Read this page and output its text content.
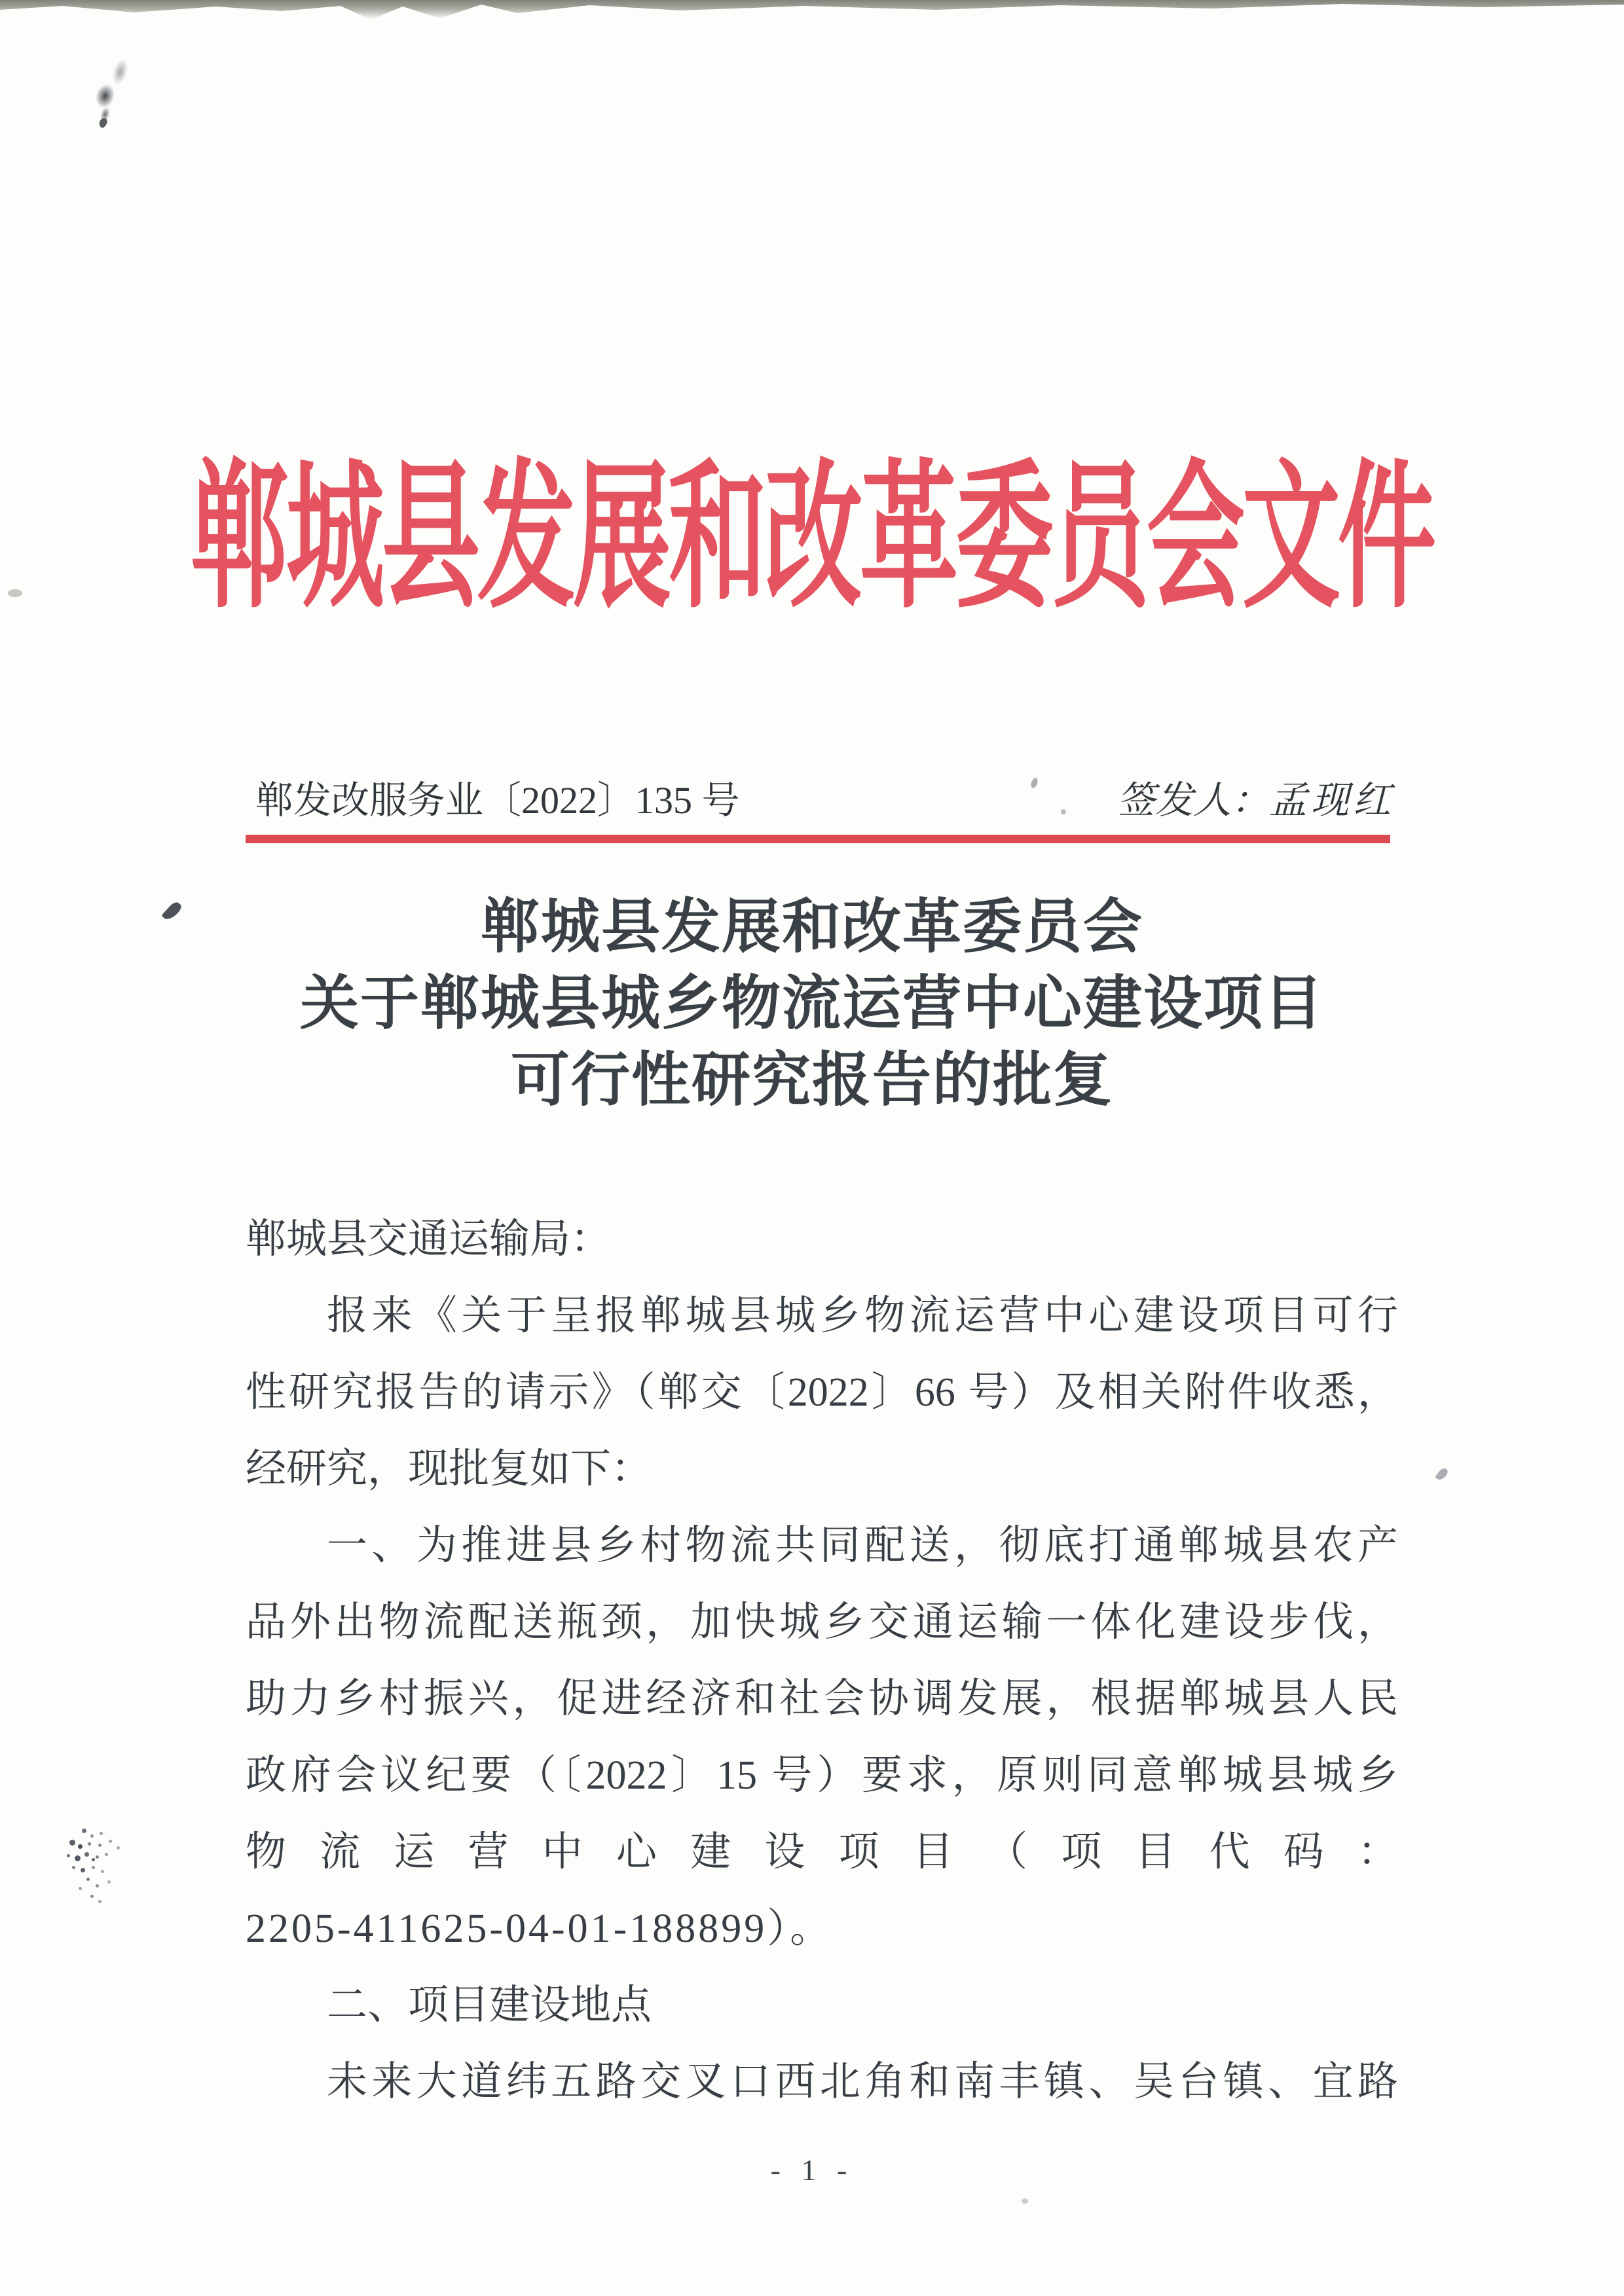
郸城县发展和改革委员会文件
郸发改服务业〔2022〕135 号	签发人：孟现红
郸城县发展和改革委员会
关于郸城县城乡物流运营中心建设项目
可行性研究报告的批复
郸城县交通运输局：
报来《关于呈报郸城县城乡物流运营中心建设项目可行
性研究报告的请示》（郸交〔2022〕66 号）及相关附件收悉，
经研究，现批复如下：
一、为推进县乡村物流共同配送，彻底打通郸城县农产
品外出物流配送瓶颈，加快城乡交通运输一体化建设步伐，
助力乡村振兴，促进经济和社会协调发展，根据郸城县人民
政府会议纪要（〔2022〕15 号）要求，原则同意郸城县城乡
物流运营中心建设项目（项目代码：
2205-411625-04-01-188899）。
二、项目建设地点
未来大道纬五路交叉口西北角和南丰镇、吴台镇、宜路
- 1 -
